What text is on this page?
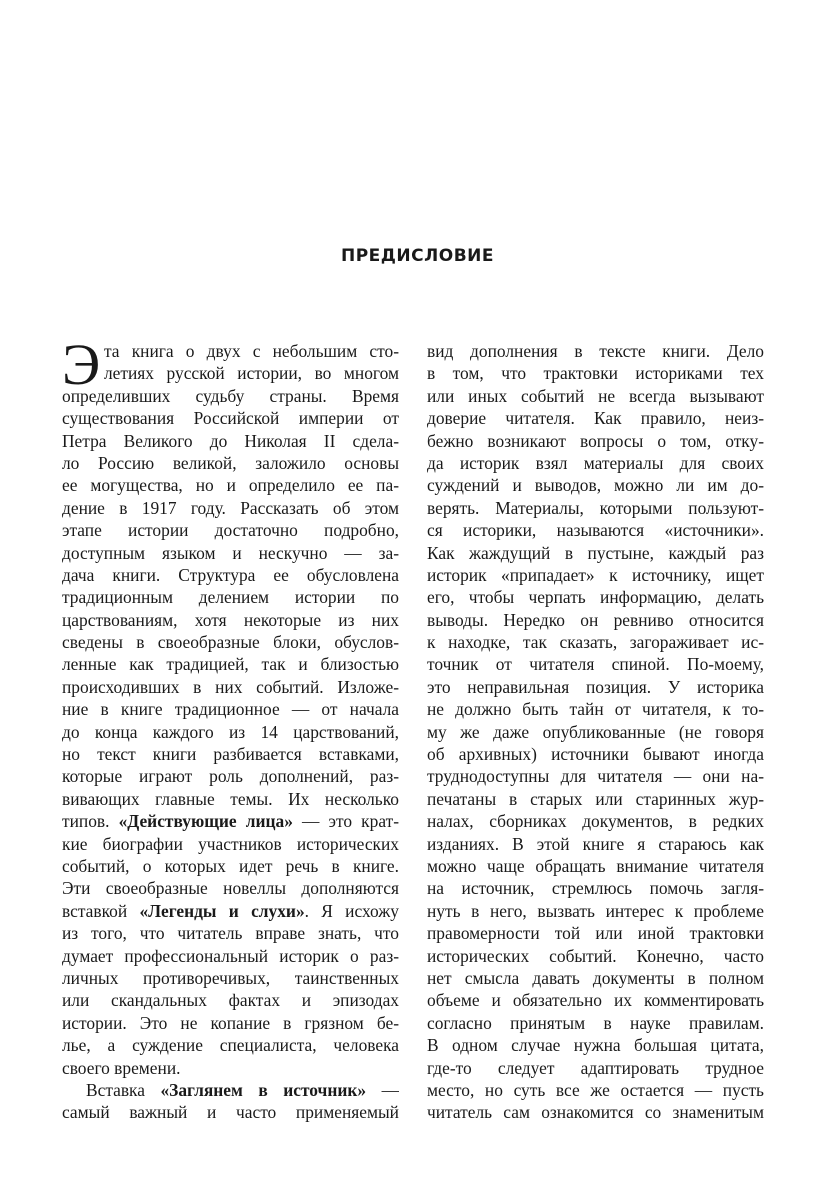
ПРЕДИСЛОВИЕ
Э та книга о двух с небольшим сто-
летиях русской истории, во многом
определивших судьбу страны. Время
существования Российской империи от
Петра Великого до Николая II сдела-
ло Россию великой, заложило основы
ее могущества, но и определило ее па-
дение в 1917 году. Рассказать об этом
этапе истории достаточно подробно,
доступным языком и нескучно — за-
дача книги. Структура ее обусловлена
традиционным делением истории по
царствованиям, хотя некоторые из них
сведены в своеобразные блоки, обуслов-
ленные как традицией, так и близостью
происходивших в них событий. Изложе-
ние в книге традиционное — от начала
до конца каждого из 14 царствований,
но текст книги разбивается вставками,
которые играют роль дополнений, раз-
вивающих главные темы. Их несколько
типов. «Действующие лица» — это крат-
кие биографии участников исторических
событий, о которых идет речь в книге.
Эти своеобразные новеллы дополняются
вставкой «Легенды и слухи». Я исхожу
из того, что читатель вправе знать, что
думает профессиональный историк о раз-
личных противоречивых, таинственных
или скандальных фактах и эпизодах
истории. Это не копание в грязном бе-
лье, а суждение специалиста, человека
своего времени.
Вставка «Заглянем в источник» —
самый важный и часто применяемый
вид дополнения в тексте книги. Дело
в том, что трактовки историками тех
или иных событий не всегда вызывают
доверие читателя. Как правило, неиз-
бежно возникают вопросы о том, отку-
да историк взял материалы для своих
суждений и выводов, можно ли им до-
верять. Материалы, которыми пользуют-
ся историки, называются «источники».
Как жаждущий в пустыне, каждый раз
историк «припадает» к источнику, ищет
его, чтобы черпать информацию, делать
выводы. Нередко он ревниво относится
к находке, так сказать, загораживает ис-
точник от читателя спиной. По-моему,
это неправильная позиция. У историка
не должно быть тайн от читателя, к то-
му же даже опубликованные (не говоря
об архивных) источники бывают иногда
труднодоступны для читателя — они на-
печатаны в старых или старинных жур-
налах, сборниках документов, в редких
изданиях. В этой книге я стараюсь как
можно чаще обращать внимание читателя
на источник, стремлюсь помочь загля-
нуть в него, вызвать интерес к проблеме
правомерности той или иной трактовки
исторических событий. Конечно, часто
нет смысла давать документы в полном
объеме и обязательно их комментировать
согласно принятым в науке правилам.
В одном случае нужна большая цитата,
где-то следует адаптировать трудное
место, но суть все же остается — пусть
читатель сам ознакомится со знаменитым
